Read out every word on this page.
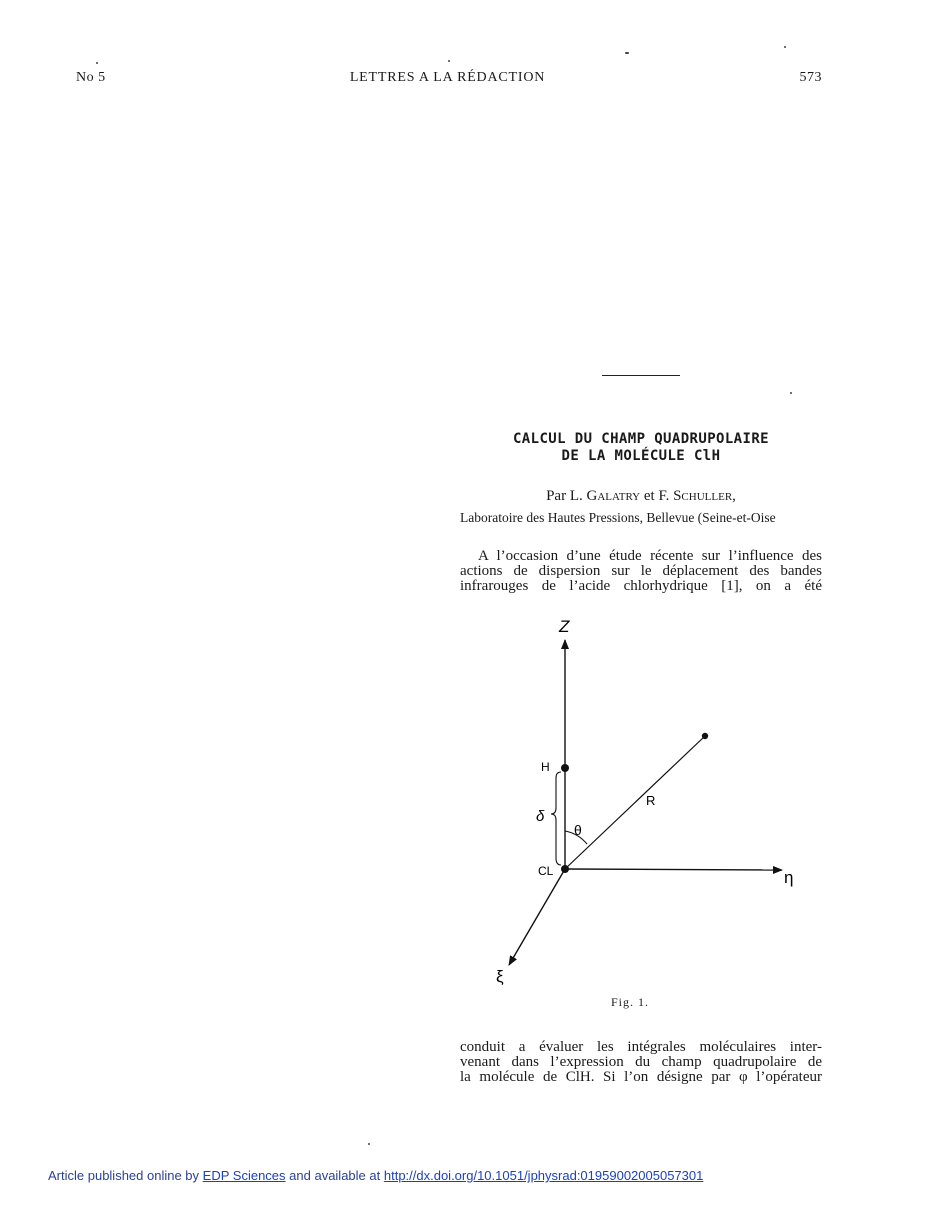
No 5	LETTRES A LA RÉDACTION	573
CALCUL DU CHAMP QUADRUPOLAIRE
DE LA MOLÉCULE ClH
Par L. Galatry et F. Schuller,
Laboratoire des Hautes Pressions, Bellevue (Seine-et-Oise
A l’occasion d’une étude récente sur l’influence des
actions de dispersion sur le déplacement des bandes
infrarouges de l’acide chlorhydrique [1], on a été
Z
η
ξ
H
CL
R
θ
δ
Fig. 1.
conduit a évaluer les intégrales moléculaires inter-
venant dans l’expression du champ quadrupolaire de
la molécule de ClH. Si l’on désigne par φ l’opérateur
Article published online by EDP Sciences and available at http://dx.doi.org/10.1051/jphysrad:01959002005057301
